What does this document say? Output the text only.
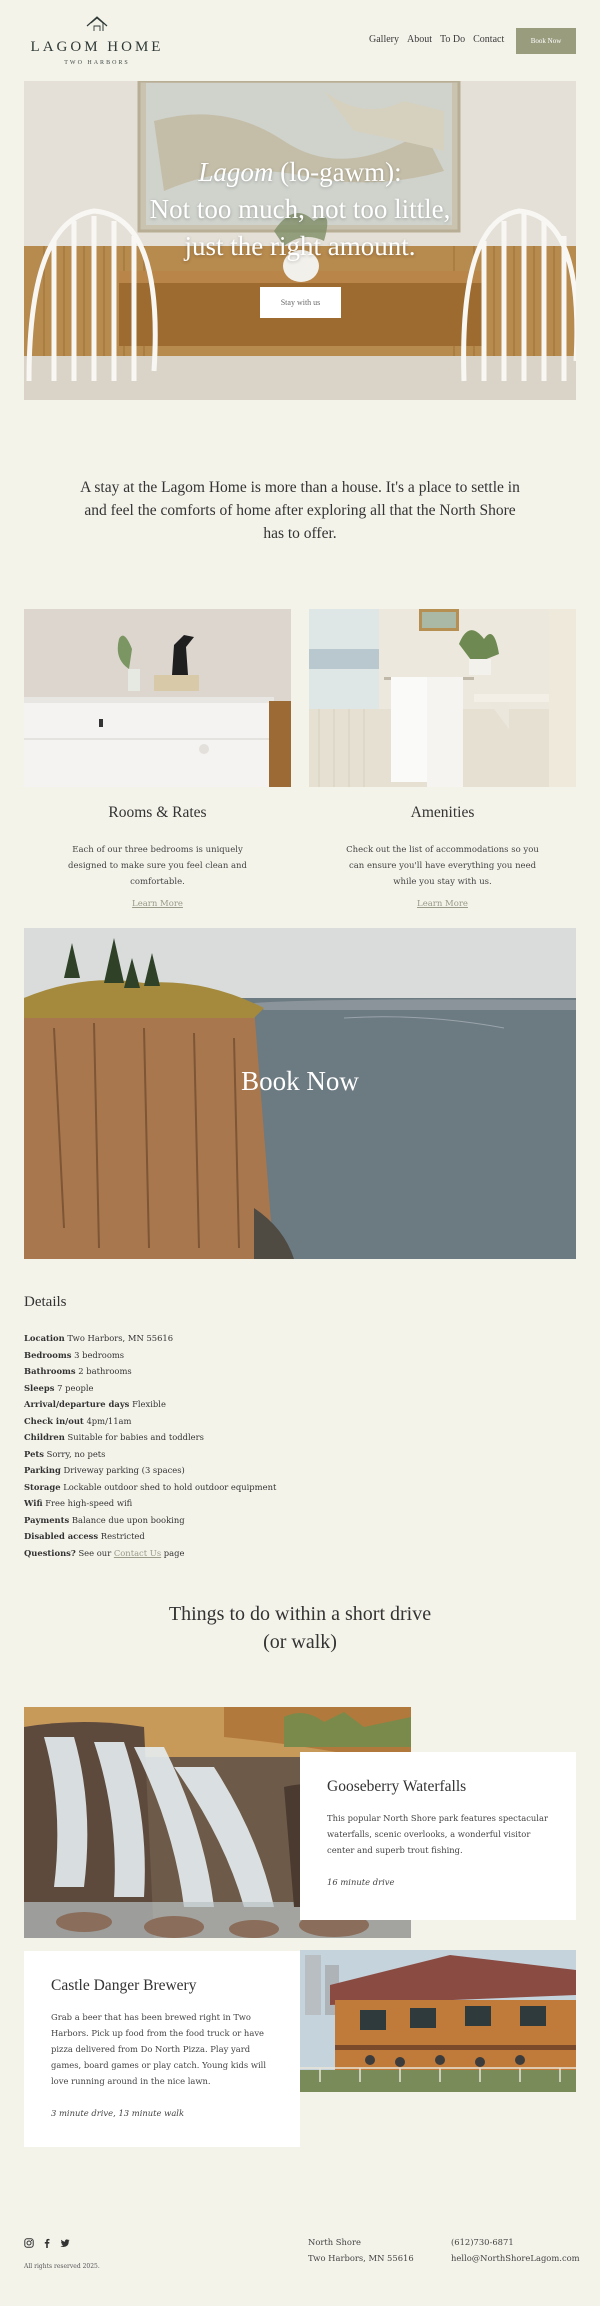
LAGOM HOME
TWO HARBORS
Gallery About To Do Contact	Book Now
Lagom (lo-gawm):
Not too much, not too little,
just the right amount.
Stay with us
A stay at the Lagom Home is more than a house. It's a place to settle in and feel the comforts of home after exploring all that the North Shore has to offer.
Rooms & Rates	Amenities
Each of our three bedrooms is uniquely designed to make sure you feel clean and comfortable.
Check out the list of accommodations so you can ensure you'll have everything you need while you stay with us.
Learn More	Learn More
Book Now
Details
Location Two Harbors, MN 55616
Bedrooms 3 bedrooms
Bathrooms 2 bathrooms
Sleeps 7 people
Arrival/departure days Flexible
Check in/out 4pm/11am
Children Suitable for babies and toddlers
Pets Sorry, no pets
Parking Driveway parking (3 spaces)
Storage Lockable outdoor shed to hold outdoor equipment
Wifi Free high-speed wifi
Payments Balance due upon booking
Disabled access Restricted
Questions? See our Contact Us page
Things to do within a short drive
(or walk)
Gooseberry Waterfalls

This popular North Shore park features spectacular waterfalls, scenic overlooks, a wonderful visitor center and superb trout fishing.

16 minute drive

Castle Danger Brewery

Grab a beer that has been brewed right in Two Harbors. Pick up food from the food truck or have pizza delivered from Do North Pizza. Play yard games, board games or play catch. Young kids will love running around in the nice lawn.

3 minute drive, 13 minute walk

All rights reserved 2025.
North Shore
Two Harbors, MN 55616
(612)730-6871
hello@NorthShoreLagom.com
